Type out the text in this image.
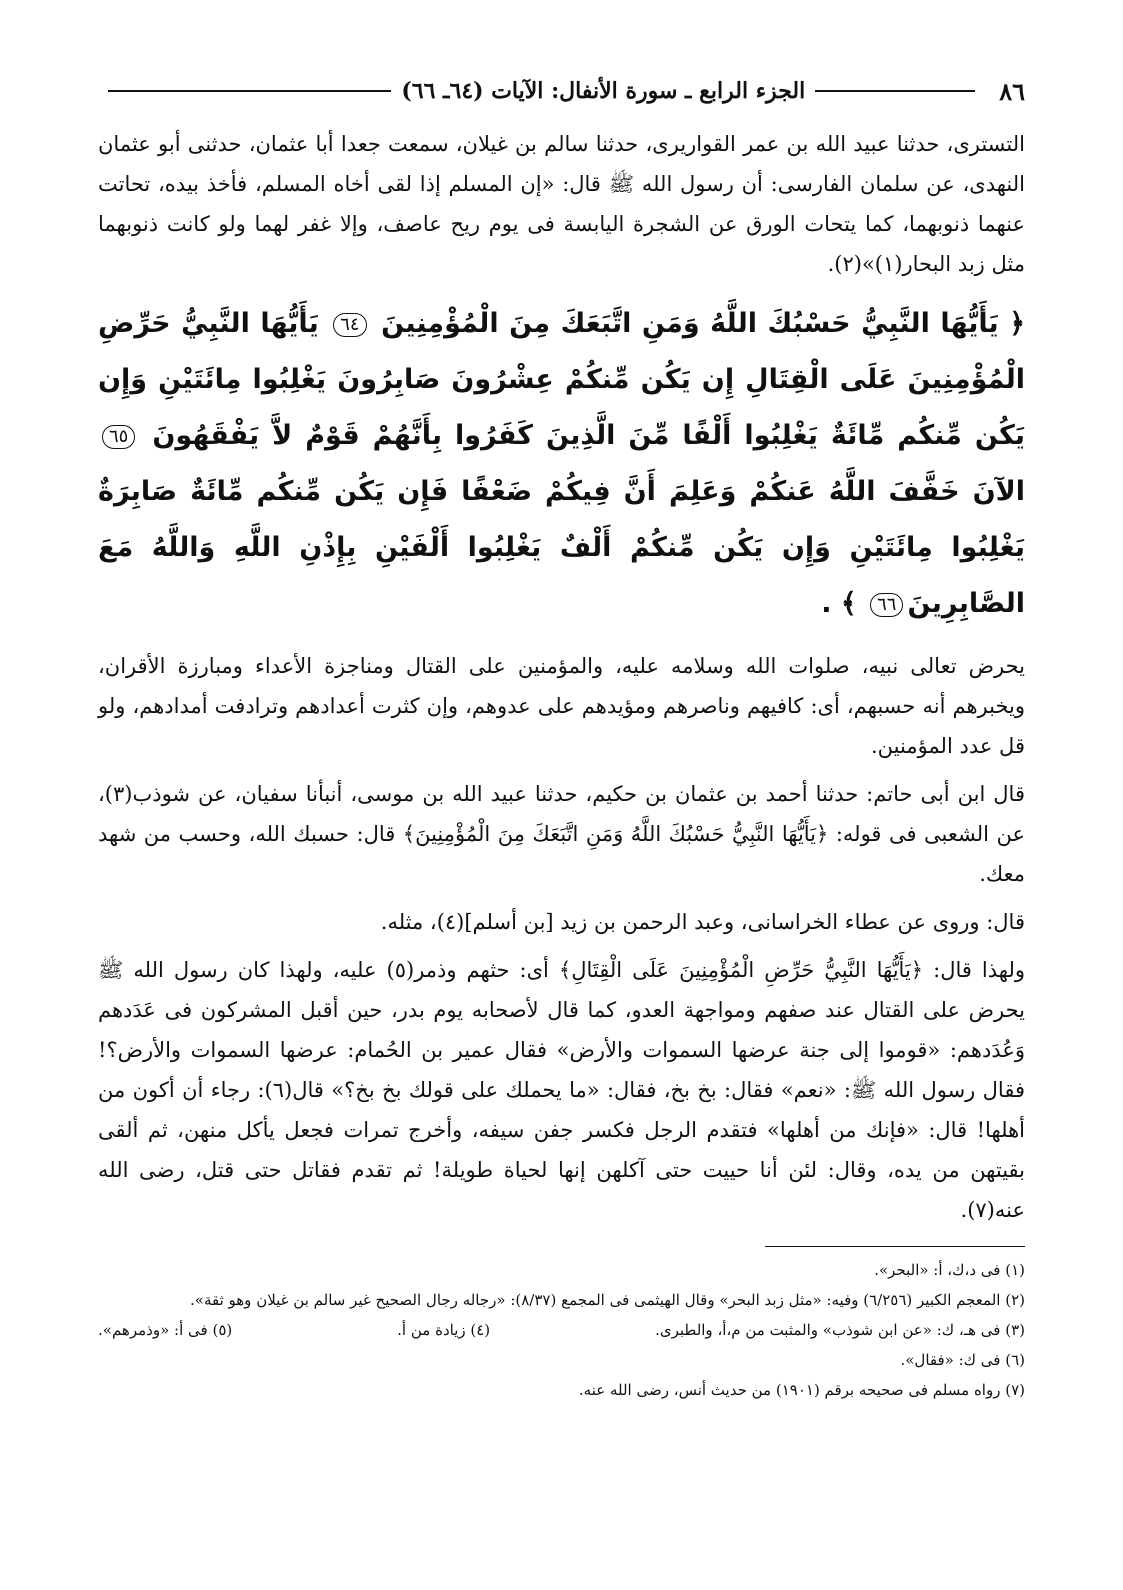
٨٦
الجزء الرابع ـ سورة الأنفال: الآيات (٦٤ـ ٦٦)

التسترى، حدثنا عبيد الله بن عمر القواريرى، حدثنا سالم بن غيلان، سمعت جعدا أبا عثمان، حدثنى أبو عثمان النهدى، عن سلمان الفارسى: أن رسول الله ﷺ قال: «إن المسلم إذا لقى أخاه المسلم، فأخذ بيده، تحاتت عنهما ذنوبهما، كما يتحات الورق عن الشجرة اليابسة فى يوم ريح عاصف، وإلا غفر لهما ولو كانت ذنوبهما مثل زبد البحار(١)»(٢).

﴿ يَأَيُّهَا النَّبِيُّ حَسْبُكَ اللَّهُ وَمَنِ اتَّبَعَكَ مِنَ الْمُؤْمِنِينَ ٦٤ يَأَيُّهَا النَّبِيُّ حَرِّضِ الْمُؤْمِنِينَ عَلَى الْقِتَالِ إِن يَكُن مِّنكُمْ عِشْرُونَ صَابِرُونَ يَغْلِبُوا مِائَتَيْنِ وَإِن يَكُن مِّنكُم مِّائَةٌ يَغْلِبُوا أَلْفًا مِّنَ الَّذِينَ كَفَرُوا بِأَنَّهُمْ قَوْمٌ لاَّ يَفْقَهُونَ ٦٥ الآنَ خَفَّفَ اللَّهُ عَنكُمْ وَعَلِمَ أَنَّ فِيكُمْ ضَعْفًا فَإِن يَكُن مِّنكُم مِّائَةٌ صَابِرَةٌ يَغْلِبُوا مِائَتَيْنِ وَإِن يَكُن مِّنكُمْ أَلْفٌ يَغْلِبُوا أَلْفَيْنِ بِإِذْنِ اللَّهِ وَاللَّهُ مَعَ الصَّابِرِينَ٦٦ ﴾ .

يحرض تعالى نبيه، صلوات الله وسلامه عليه، والمؤمنين على القتال ومناجزة الأعداء ومبارزة الأقران، ويخبرهم أنه حسبهم، أى: كافيهم وناصرهم ومؤيدهم على عدوهم، وإن كثرت أعدادهم وترادفت أمدادهم، ولو قل عدد المؤمنين.

قال ابن أبى حاتم: حدثنا أحمد بن عثمان بن حكيم، حدثنا عبيد الله بن موسى، أنبأنا سفيان، عن شوذب(٣)، عن الشعبى فى قوله: ﴿يَأَيُّهَا النَّبِيُّ حَسْبُكَ اللَّهُ وَمَنِ اتَّبَعَكَ مِنَ الْمُؤْمِنِينَ﴾ قال: حسبك الله، وحسب من شهد معك.

قال: وروى عن عطاء الخراسانى، وعبد الرحمن بن زيد [بن أسلم](٤)، مثله.

ولهذا قال: ﴿يَأَيُّهَا النَّبِيُّ حَرِّضِ الْمُؤْمِنِينَ عَلَى الْقِتَالِ﴾ أى: حثهم وذمر(٥) عليه، ولهذا كان رسول الله ﷺ يحرض على القتال عند صفهم ومواجهة العدو، كما قال لأصحابه يوم بدر، حين أقبل المشركون فى عَدَدهم وَعُدَدهم: «قوموا إلى جنة عرضها السموات والأرض» فقال عمير بن الحُمام: عرضها السموات والأرض؟! فقال رسول الله ﷺ: «نعم» فقال: بخ بخ، فقال: «ما يحملك على قولك بخ بخ؟» قال(٦): رجاء أن أكون من أهلها! قال: «فإنك من أهلها» فتقدم الرجل فكسر جفن سيفه، وأخرج تمرات فجعل يأكل منهن، ثم ألقى بقيتهن من يده، وقال: لئن أنا حييت حتى آكلهن إنها لحياة طويلة! ثم تقدم فقاتل حتى قتل، رضى الله عنه(٧).

(١) فى د،ك، أ: «البحر».

(٢) المعجم الكبير (٦/٢٥٦) وفيه: «مثل زبد البحر» وقال الهيثمى فى المجمع (٨/٣٧): «رجاله رجال الصحيح غير سالم بن غيلان وهو ثقة».

(٣) فى هـ، ك: «عن ابن شوذب» والمثبت من م،أ، والطبرى.
(٤) زيادة من أ.
(٥) فى أ: «وذمرهم».

(٦) فى ك: «فقال».

(٧) رواه مسلم فى صحيحه برقم (١٩٠١) من حديث أنس، رضى الله عنه.
